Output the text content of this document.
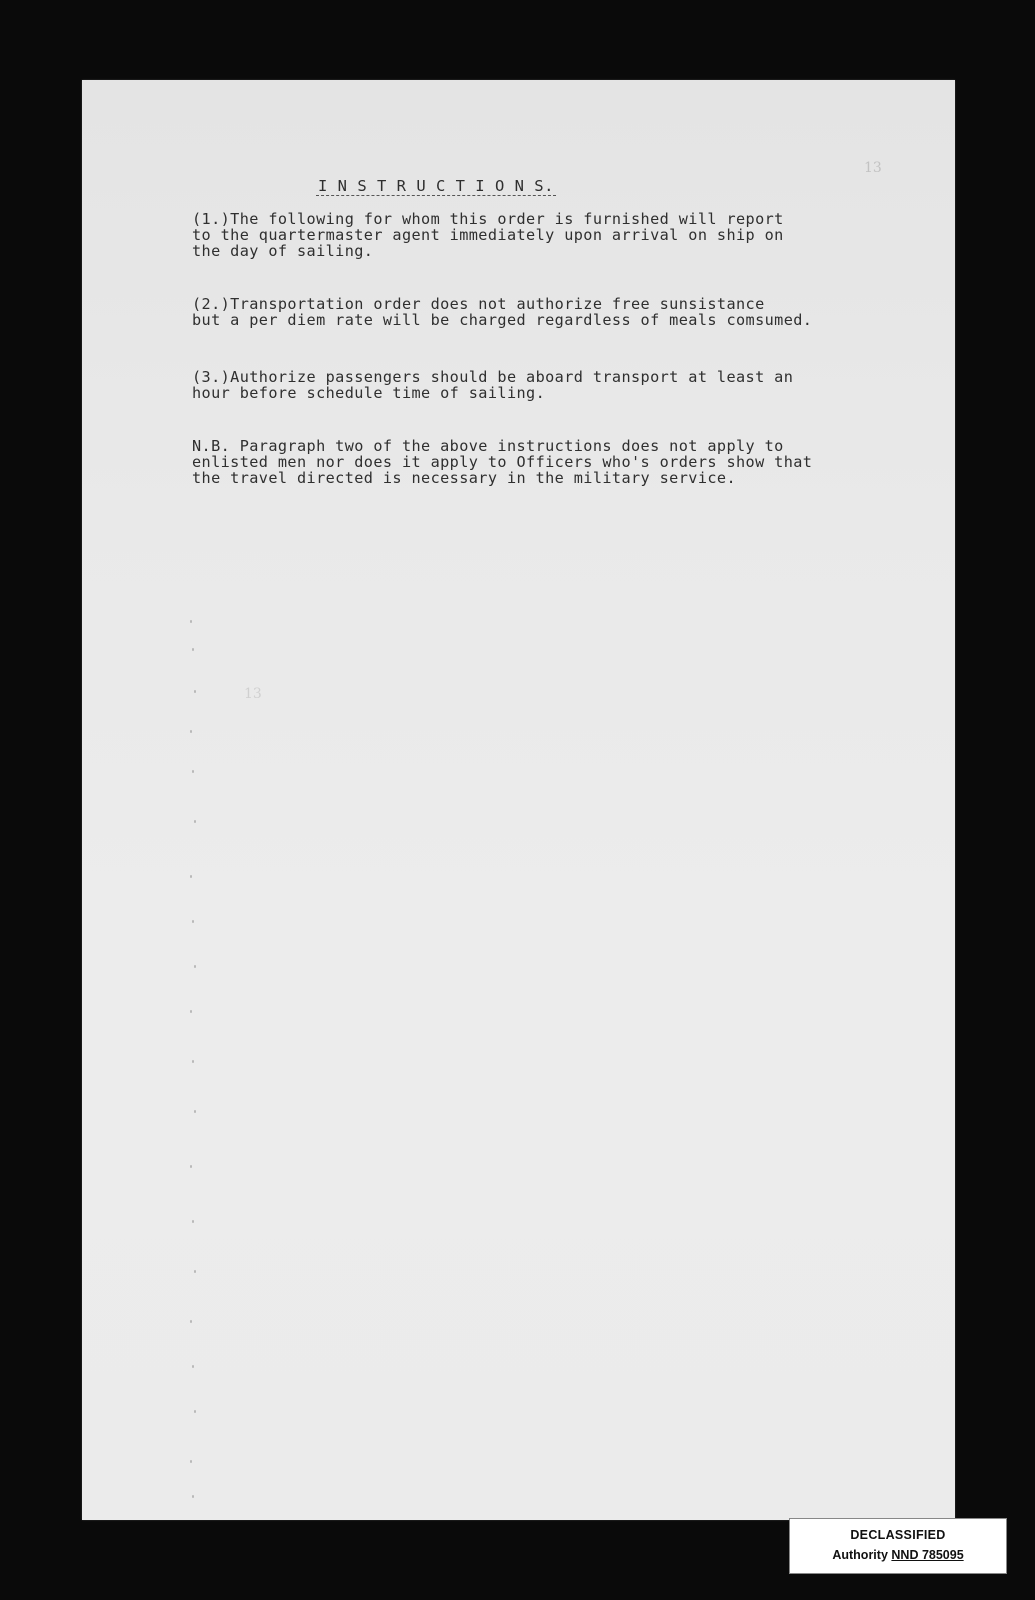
13

I N S T R U C T I O N S.

(1.)The following for whom this order is furnished will report

to the quartermaster agent immediately upon arrival on ship on

the day of sailing.

(2.)Transportation order does not authorize free sunsistance

but a per diem rate will be charged regardless of meals comsumed.

(3.)Authorize passengers should be aboard transport at least an

hour before schedule time of sailing.

N.B. Paragraph two of the above instructions does not apply to

enlisted men nor does it apply to Officers who's orders show that

the travel directed is necessary in the military service.

13
DECLASSIFIED
Authority NND 785095
